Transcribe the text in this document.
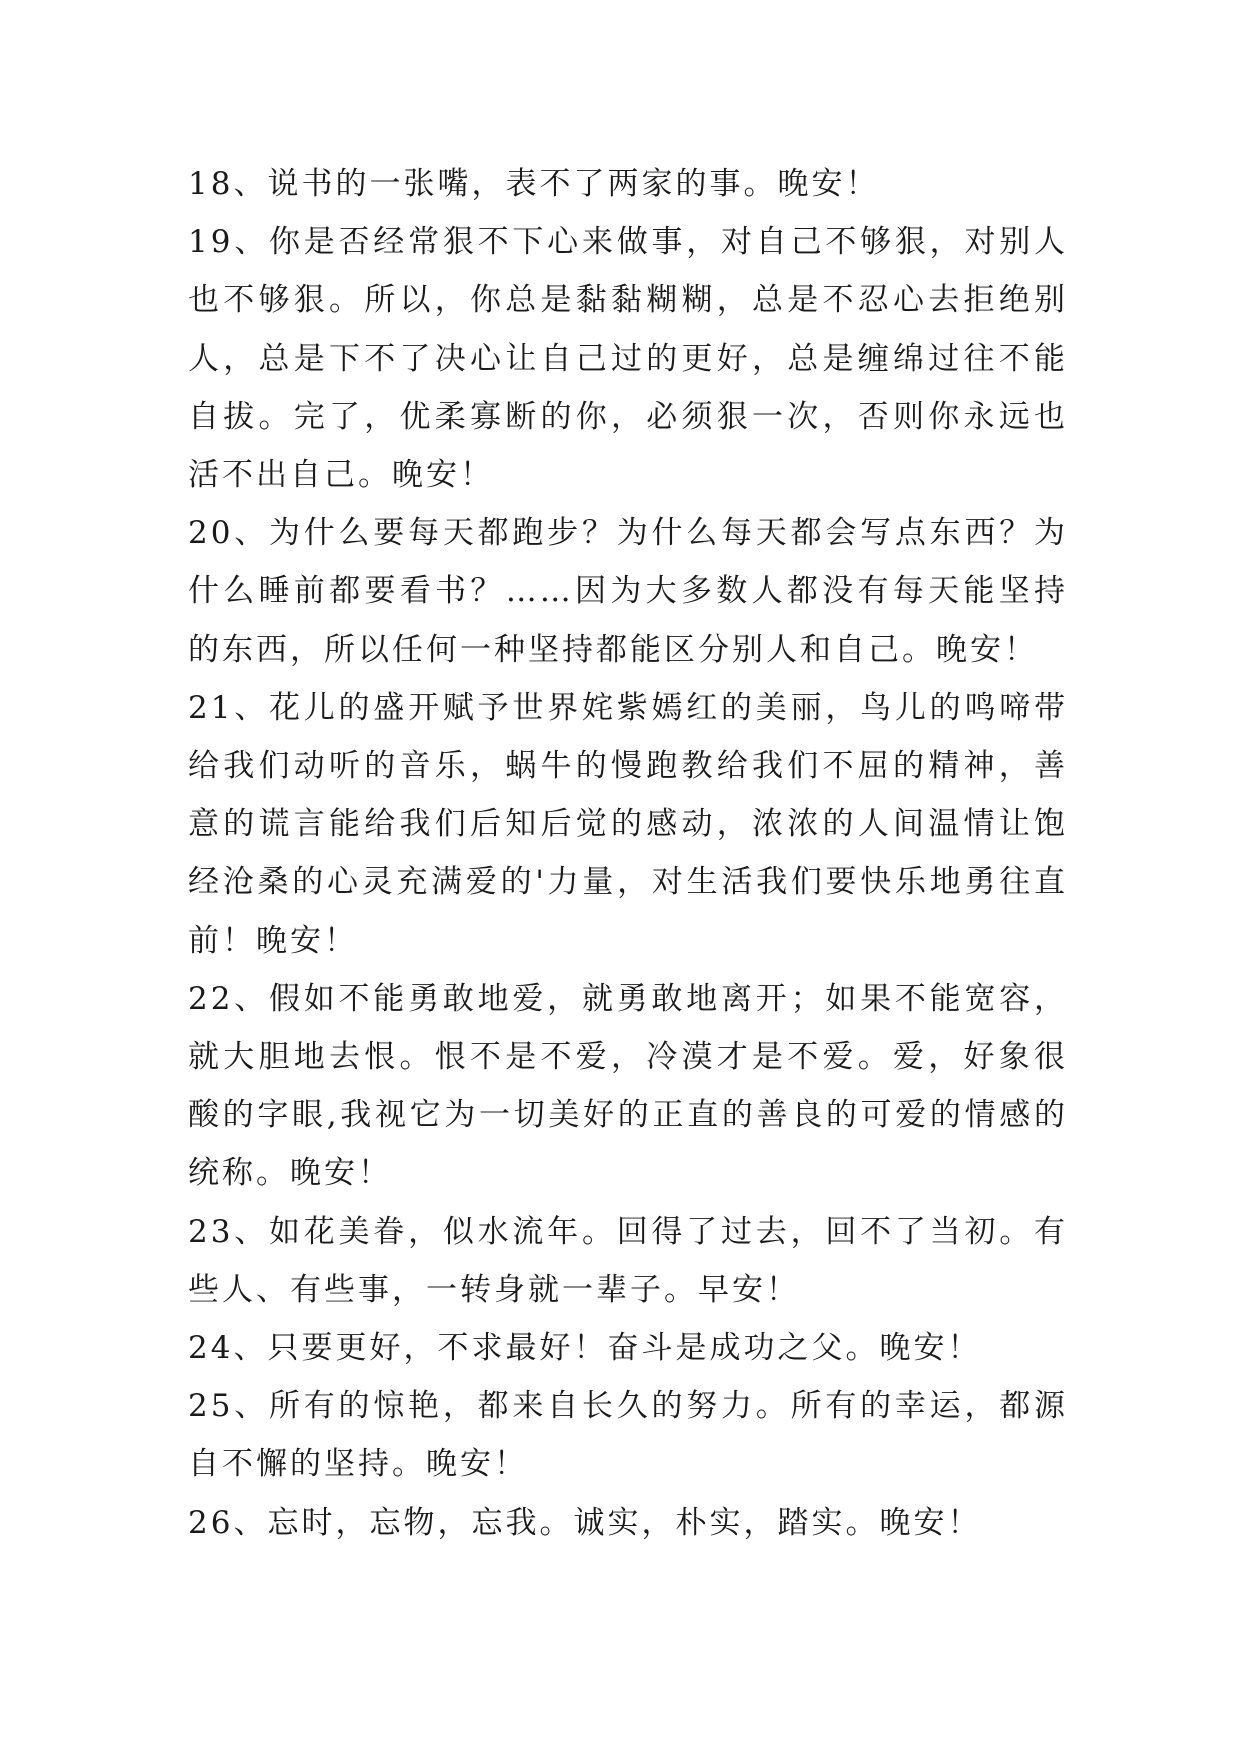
18、说书的一张嘴，表不了两家的事。晚安！

19、你是否经常狠不下心来做事，对自己不够狠，对别人也不够狠。所以，你总是黏黏糊糊，总是不忍心去拒绝别人，总是下不了决心让自己过的更好，总是缠绵过往不能自拔。完了，优柔寡断的你，必须狠一次，否则你永远也活不出自己。晚安！

20、为什么要每天都跑步？为什么每天都会写点东西？为什么睡前都要看书？……因为大多数人都没有每天能坚持的东西，所以任何一种坚持都能区分别人和自己。晚安！

21、花儿的盛开赋予世界姹紫嫣红的美丽，鸟儿的鸣啼带给我们动听的音乐，蜗牛的慢跑教给我们不屈的精神，善意的谎言能给我们后知后觉的感动，浓浓的人间温情让饱经沧桑的心灵充满爱的'力量，对生活我们要快乐地勇往直前！晚安！

22、假如不能勇敢地爱，就勇敢地离开；如果不能宽容，就大胆地去恨。恨不是不爱，冷漠才是不爱。爱，好象很酸的字眼,我视它为一切美好的正直的善良的可爱的情感的统称。晚安！

23、如花美眷，似水流年。回得了过去，回不了当初。有些人、有些事，一转身就一辈子。早安！

24、只要更好，不求最好！奋斗是成功之父。晚安！

25、所有的惊艳，都来自长久的努力。所有的幸运，都源自不懈的坚持。晚安！

26、忘时，忘物，忘我。诚实，朴实，踏实。晚安！
